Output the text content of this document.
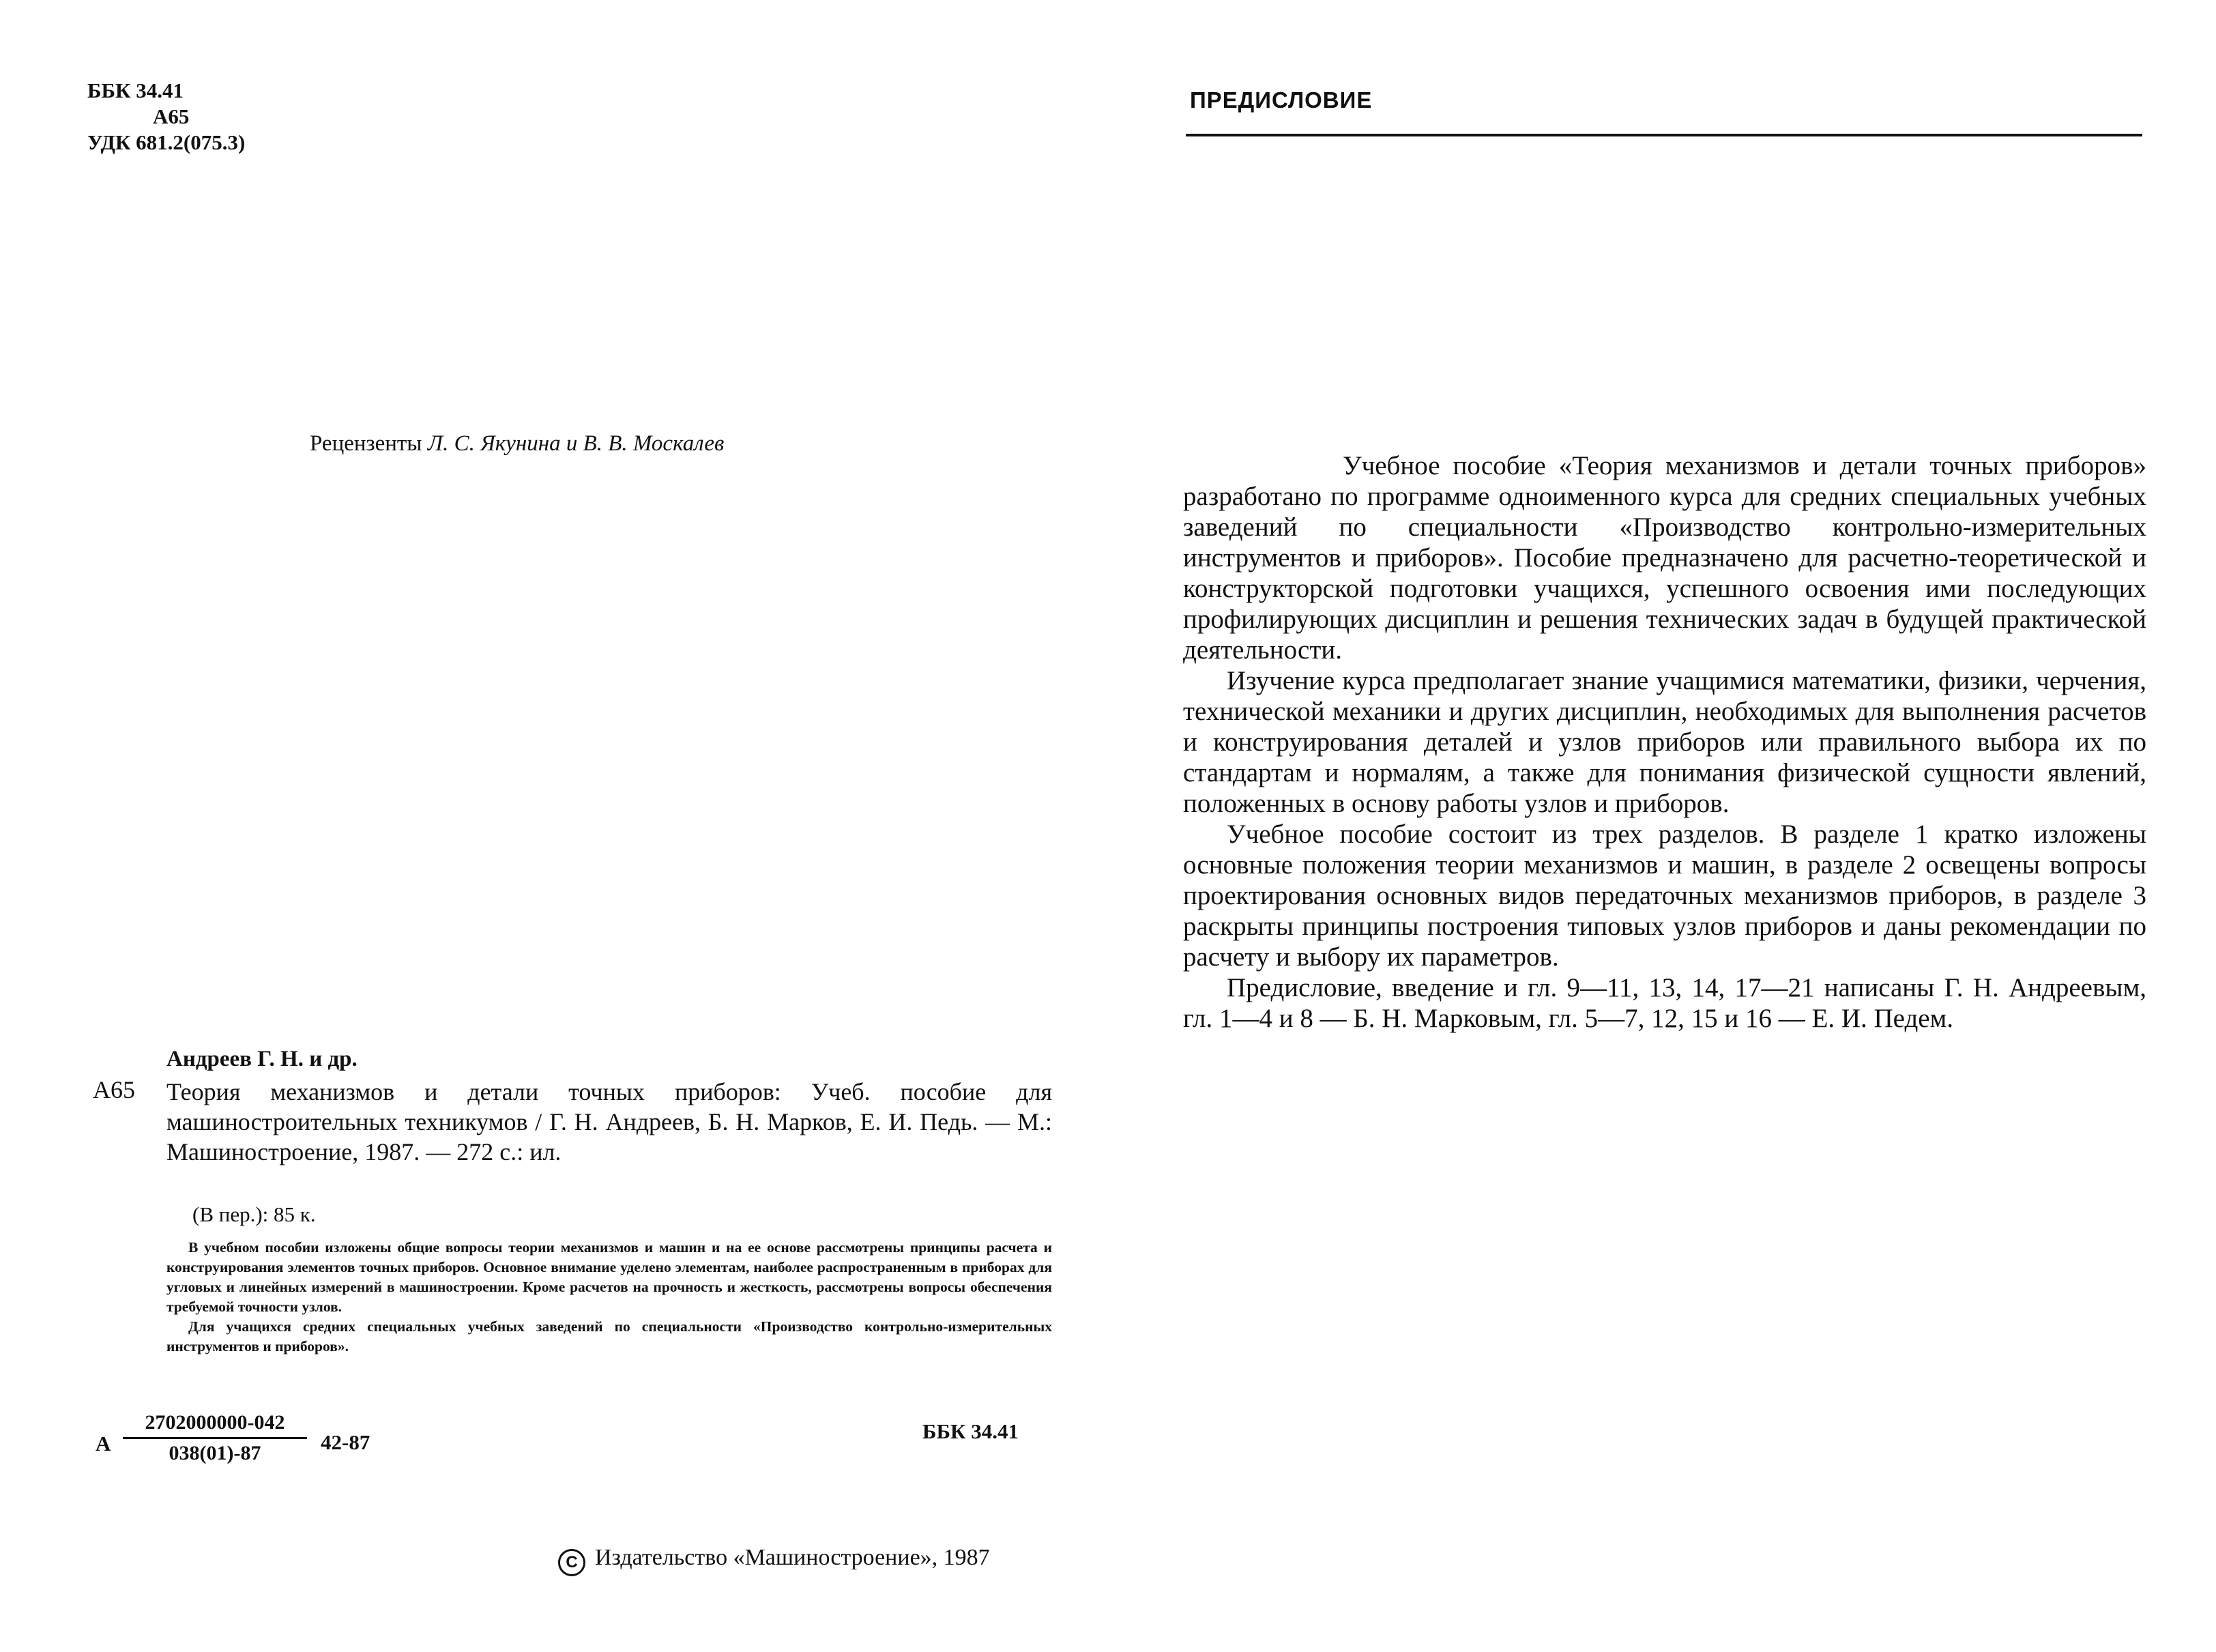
ББК 34.41
А65
УДК 681.2(075.3)
Рецензенты Л. С. Якунина и В. В. Москалев
Андреев Г. Н. и др.
А65 Теория механизмов и детали точных приборов: Учеб. пособие для машиностроительных техникумов / Г. Н. Андреев, Б. Н. Марков, Е. И. Педь. — М.: Машиностроение, 1987. — 272 с.: ил.
(В пер.): 85 к.

В учебном пособии изложены общие вопросы теории механизмов и машин и на ее основе рассмотрены принципы расчета и конструирования элементов точных приборов. Основное внимание уделено элементам, наиболее распространенным в приборах для угловых и линейных измерений в машиностроении. Кроме расчетов на прочность и жесткость, рассмотрены вопросы обеспечения требуемой точности узлов.

Для учащихся средних специальных учебных заведений по специальности «Производство контрольно-измерительных инструментов и приборов».

А
2702000000-042
038(01)-87	42-87	ББК 34.41
C Издательство «Машиностроение», 1987
ПРЕДИСЛОВИЕ

Учебное пособие «Теория механизмов и детали точных приборов» разработано по программе одноименного курса для средних специальных учебных заведений по специальности «Производство контрольно-измерительных инструментов и приборов». Пособие предназначено для расчетно-теоретической и конструкторской подготовки учащихся, успешного освоения ими последующих профилирующих дисциплин и решения технических задач в будущей практической деятельности.

Изучение курса предполагает знание учащимися математики, физики, черчения, технической механики и других дисциплин, необходимых для выполнения расчетов и конструирования деталей и узлов приборов или правильного выбора их по стандартам и нормалям, а также для понимания физической сущности явлений, положенных в основу работы узлов и приборов.

Учебное пособие состоит из трех разделов. В разделе 1 кратко изложены основные положения теории механизмов и машин, в разделе 2 освещены вопросы проектирования основных видов передаточных механизмов приборов, в разделе 3 раскрыты принципы построения типовых узлов приборов и даны рекомендации по расчету и выбору их параметров.

Предисловие, введение и гл. 9—11, 13, 14, 17—21 написаны Г. Н. Андреевым, гл. 1—4 и 8 — Б. Н. Марковым, гл. 5—7, 12, 15 и 16 — Е. И. Педем.
